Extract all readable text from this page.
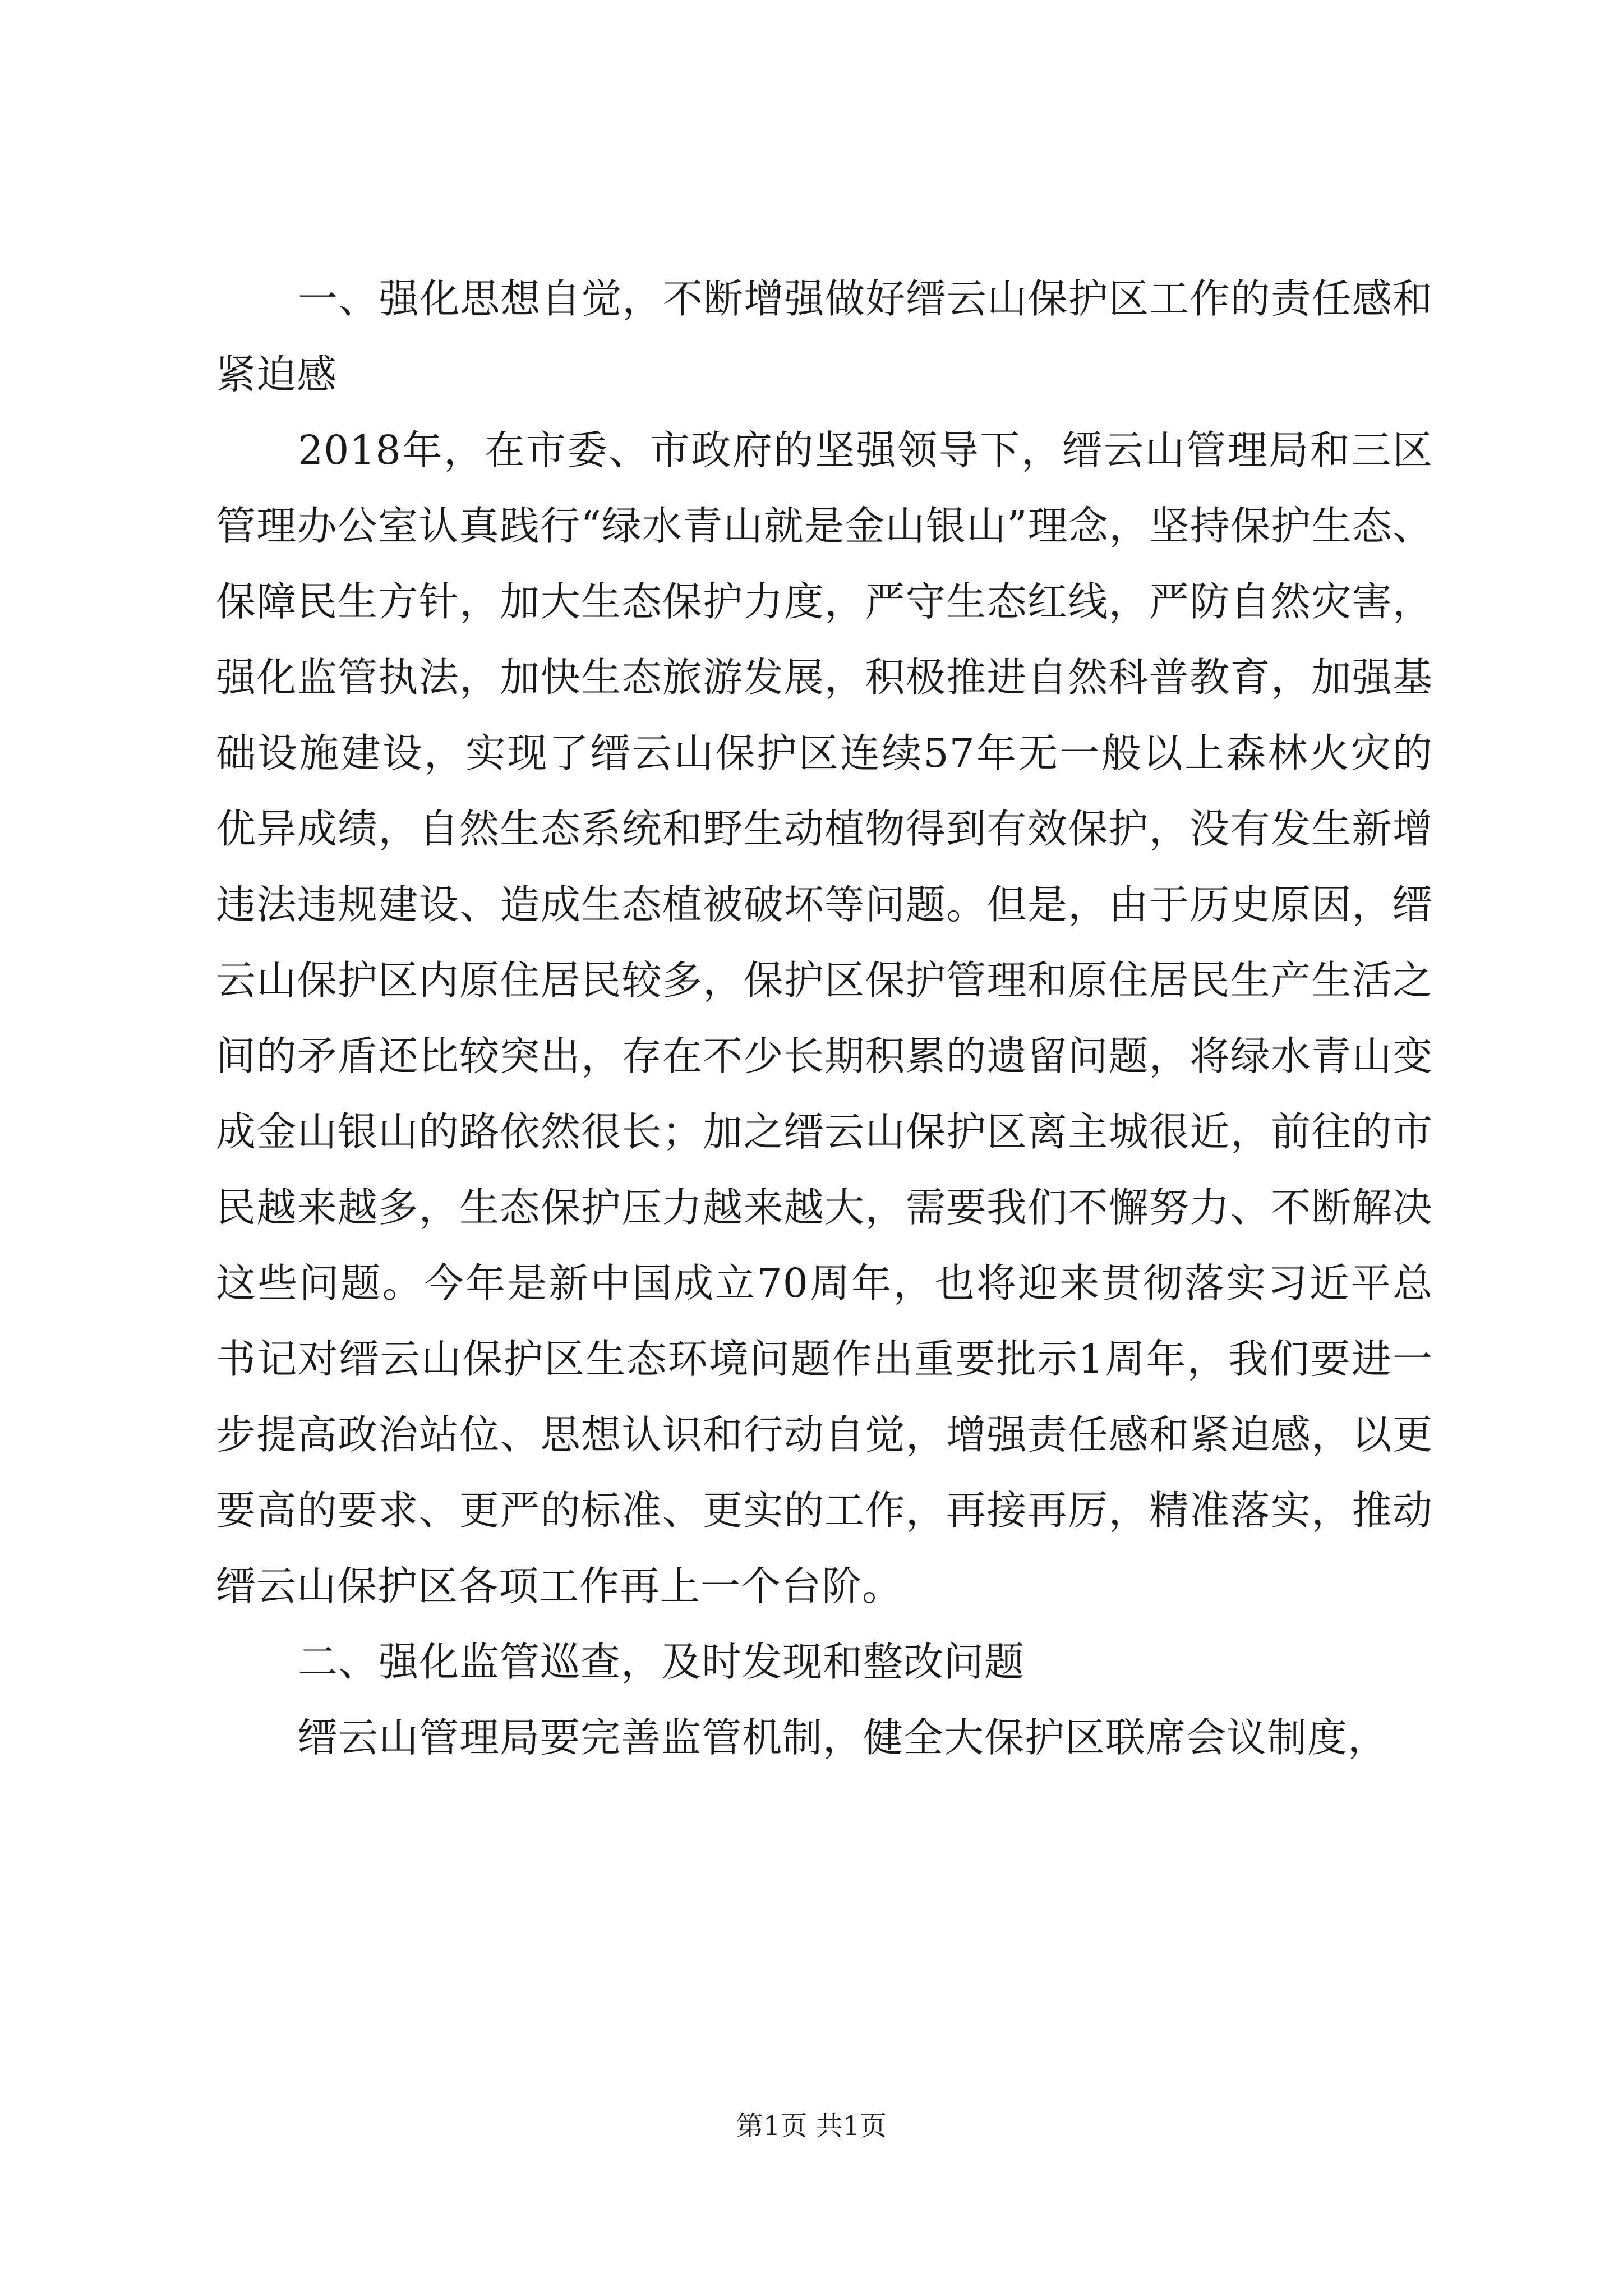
一、强化思想自觉，不断增强做好缙云山保护区工作的责任感和紧迫感

2018年，在市委、市政府的坚强领导下，缙云山管理局和三区管理办公室认真践行“绿水青山就是金山银山”理念，坚持保护生态、保障民生方针，加大生态保护力度，严守生态红线，严防自然灾害，强化监管执法，加快生态旅游发展，积极推进自然科普教育，加强基础设施建设，实现了缙云山保护区连续57年无一般以上森林火灾的优异成绩，自然生态系统和野生动植物得到有效保护，没有发生新增违法违规建设、造成生态植被破坏等问题。但是，由于历史原因，缙云山保护区内原住居民较多，保护区保护管理和原住居民生产生活之间的矛盾还比较突出，存在不少长期积累的遗留问题，将绿水青山变成金山银山的路依然很长；加之缙云山保护区离主城很近，前往的市民越来越多，生态保护压力越来越大，需要我们不懈努力、不断解决这些问题。今年是新中国成立70周年，也将迎来贯彻落实习近平总书记对缙云山保护区生态环境问题作出重要批示1周年，我们要进一步提高政治站位、思想认识和行动自觉，增强责任感和紧迫感，以更要高的要求、更严的标准、更实的工作，再接再厉，精准落实，推动缙云山保护区各项工作再上一个台阶。

二、强化监管巡查，及时发现和整改问题

缙云山管理局要完善监管机制，健全大保护区联席会议制度，

第1页 共1页
